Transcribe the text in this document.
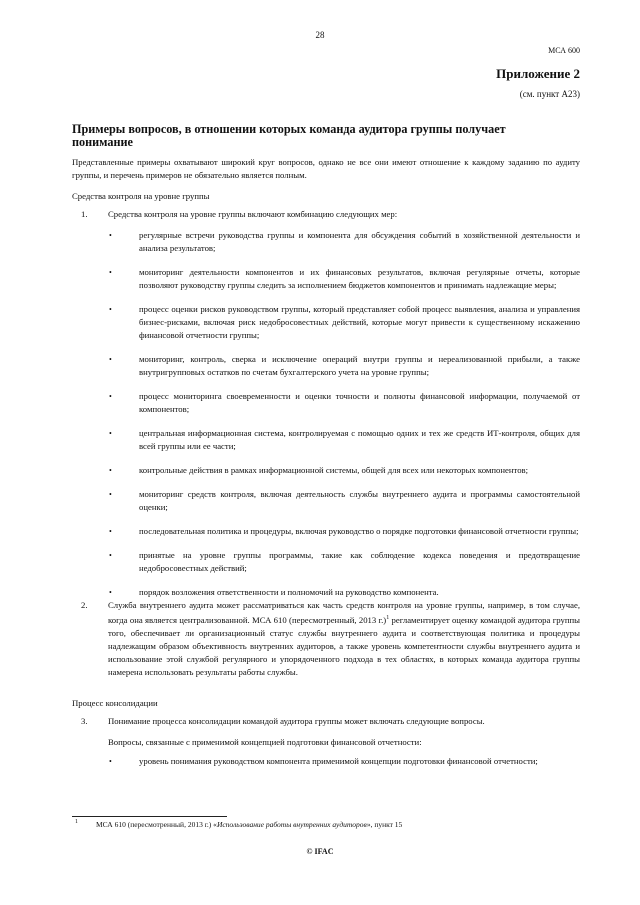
28
МСА 600
Приложение 2
(см. пункт А23)
Примеры вопросов, в отношении которых команда аудитора группы получает понимание
Представленные примеры охватывают широкий круг вопросов, однако не все они имеют отношение к каждому заданию по аудиту группы, и перечень примеров не обязательно является полным.
Средства контроля на уровне группы
1. Средства контроля на уровне группы включают комбинацию следующих мер:
•	регулярные встречи руководства группы и компонента для обсуждения событий в хозяйственной деятельности и анализа результатов;
•	мониторинг деятельности компонентов и их финансовых результатов, включая регулярные отчеты, которые позволяют руководству группы следить за исполнением бюджетов компонентов и принимать надлежащие меры;
•	процесс оценки рисков руководством группы, который представляет собой процесс выявления, анализа и управления бизнес-рисками, включая риск недобросовестных действий, которые могут привести к существенному искажению финансовой отчетности группы;
•	мониторинг, контроль, сверка и исключение операций внутри группы и нереализованной прибыли, а также внутригрупповых остатков по счетам бухгалтерского учета на уровне группы;
•	процесс мониторинга своевременности и оценки точности и полноты финансовой информации, получаемой от компонентов;
•	центральная информационная система, контролируемая с помощью одних и тех же средств ИТ-контроля, общих для всей группы или ее части;
•	контрольные действия в рамках информационной системы, общей для всех или некоторых компонентов;
•	мониторинг средств контроля, включая деятельность службы внутреннего аудита и программы самостоятельной оценки;
•	последовательная политика и процедуры, включая руководство о порядке подготовки финансовой отчетности группы;
•	принятые на уровне группы программы, такие как соблюдение кодекса поведения и предотвращение недобросовестных действий;
•	порядок возложения ответственности и полномочий на руководство компонента.
2. Служба внутреннего аудита может рассматриваться как часть средств контроля на уровне группы, например, в том случае, когда она является централизованной. МСА 610 (пересмотренный, 2013 г.)$^1$ регламентирует оценку командой аудитора группы того, обеспечивает ли организационный статус службы внутреннего аудита и соответствующая политика и процедуры надлежащим образом объективность внутренних аудиторов, а также уровень компетентности службы внутреннего аудита и использование этой службой регулярного и упорядоченного подхода в тех областях, в которых команда аудитора группы намерена использовать результаты работы службы.
Процесс консолидации
3. Понимание процесса консолидации командой аудитора группы может включать следующие вопросы.
Вопросы, связанные с применимой концепцией подготовки финансовой отчетности:
•	уровень понимания руководством компонента применимой концепции подготовки финансовой отчетности;
1 МСА 610 (пересмотренный, 2013 г.) «Использование работы внутренних аудиторов», пункт 15
© IFAC
